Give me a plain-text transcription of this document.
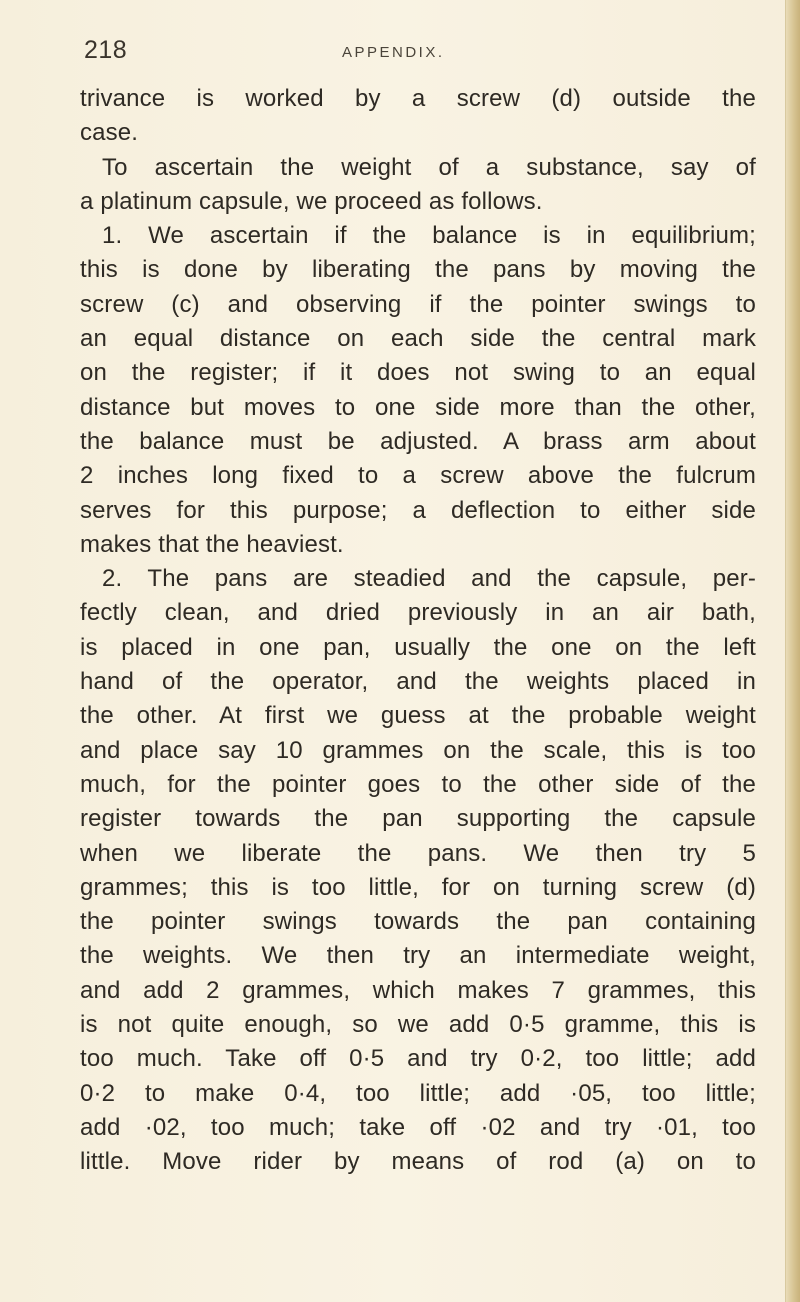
218	APPENDIX.
trivance is worked by a screw (d) outside the
case.
To ascertain the weight of a substance, say of
a platinum capsule, we proceed as follows.
1. We ascertain if the balance is in equilibrium;
this is done by liberating the pans by moving the
screw (c) and observing if the pointer swings to
an equal distance on each side the central mark
on the register; if it does not swing to an equal
distance but moves to one side more than the other,
the balance must be adjusted. A brass arm about
2 inches long fixed to a screw above the fulcrum
serves for this purpose; a deflection to either side
makes that the heaviest.
2. The pans are steadied and the capsule, per-
fectly clean, and dried previously in an air bath,
is placed in one pan, usually the one on the left
hand of the operator, and the weights placed in
the other. At first we guess at the probable weight
and place say 10 grammes on the scale, this is too
much, for the pointer goes to the other side of the
register towards the pan supporting the capsule
when we liberate the pans. We then try 5
grammes; this is too little, for on turning screw (d)
the pointer swings towards the pan containing
the weights. We then try an intermediate weight,
and add 2 grammes, which makes 7 grammes, this
is not quite enough, so we add 0·5 gramme, this is
too much. Take off 0·5 and try 0·2, too little; add
0·2 to make 0·4, too little; add ·05, too little;
add ·02, too much; take off ·02 and try ·01, too
little. Move rider by means of rod (a) on to
